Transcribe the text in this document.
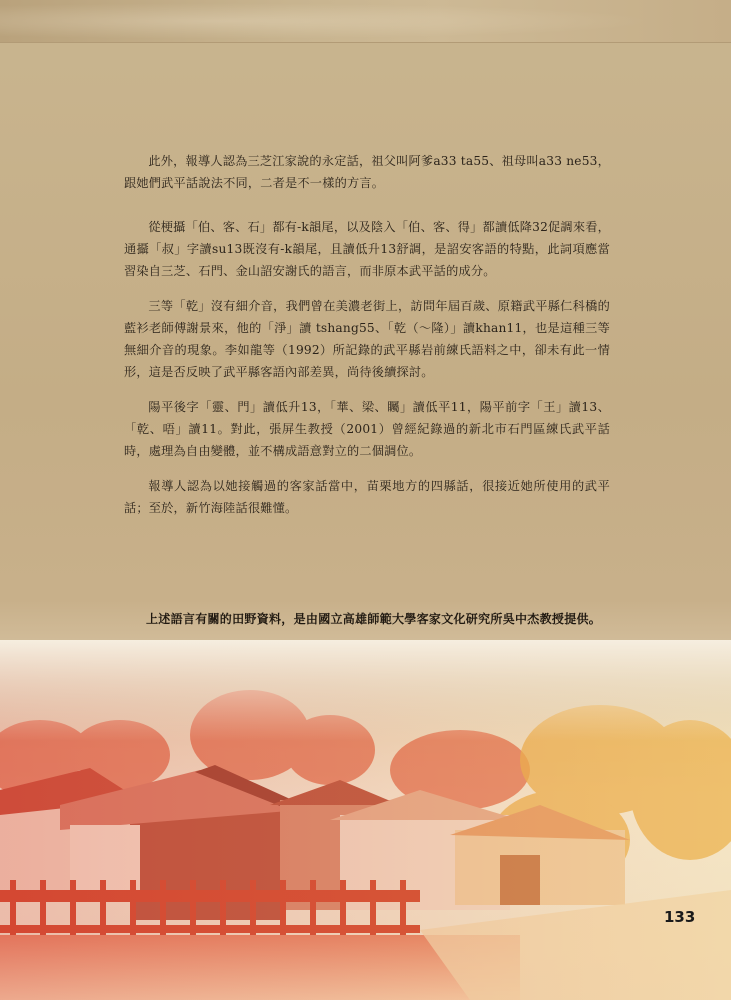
此外，報導人認為三芝江家說的永定話，祖父叫阿爹a33 ta55、祖母叫a33 ne53，跟她們武平話說法不同，二者是不一樣的方言。

從梗攝「伯、客、石」都有-k韻尾，以及陰入「伯、客、得」都讀低降32促調來看，通攝「叔」字讀su13既沒有-k韻尾，且讀低升13舒調，是詔安客語的特點，此詞項應當習染自三芝、石門、金山詔安謝氏的語言，而非原本武平話的成分。

三等「乾」沒有細介音，我們曾在美濃老街上，訪問年屆百歲、原籍武平縣仁科橋的藍衫老師傅謝景來，他的「淨」讀 tshang55、「乾（～隆）」讀khan11，也是這種三等無細介音的現象。李如龍等（1992）所記錄的武平縣岩前練氏語料之中，卻未有此一情形，這是否反映了武平縣客語內部差異，尚待後續探討。

陽平後字「靈、門」讀低升13，「華、梁、矚」讀低平11，陽平前字「王」讀13、「乾、唔」讀11。對此，張屏生教授（2001）曾經紀錄過的新北市石門區練氏武平話時，處理為自由變體，並不構成語意對立的二個調位。

報導人認為以她接觸過的客家話當中，苗栗地方的四縣話，很接近她所使用的武平話；至於，新竹海陸話很難懂。

上述語言有關的田野資料，是由國立高雄師範大學客家文化研究所吳中杰教授提供。
133
